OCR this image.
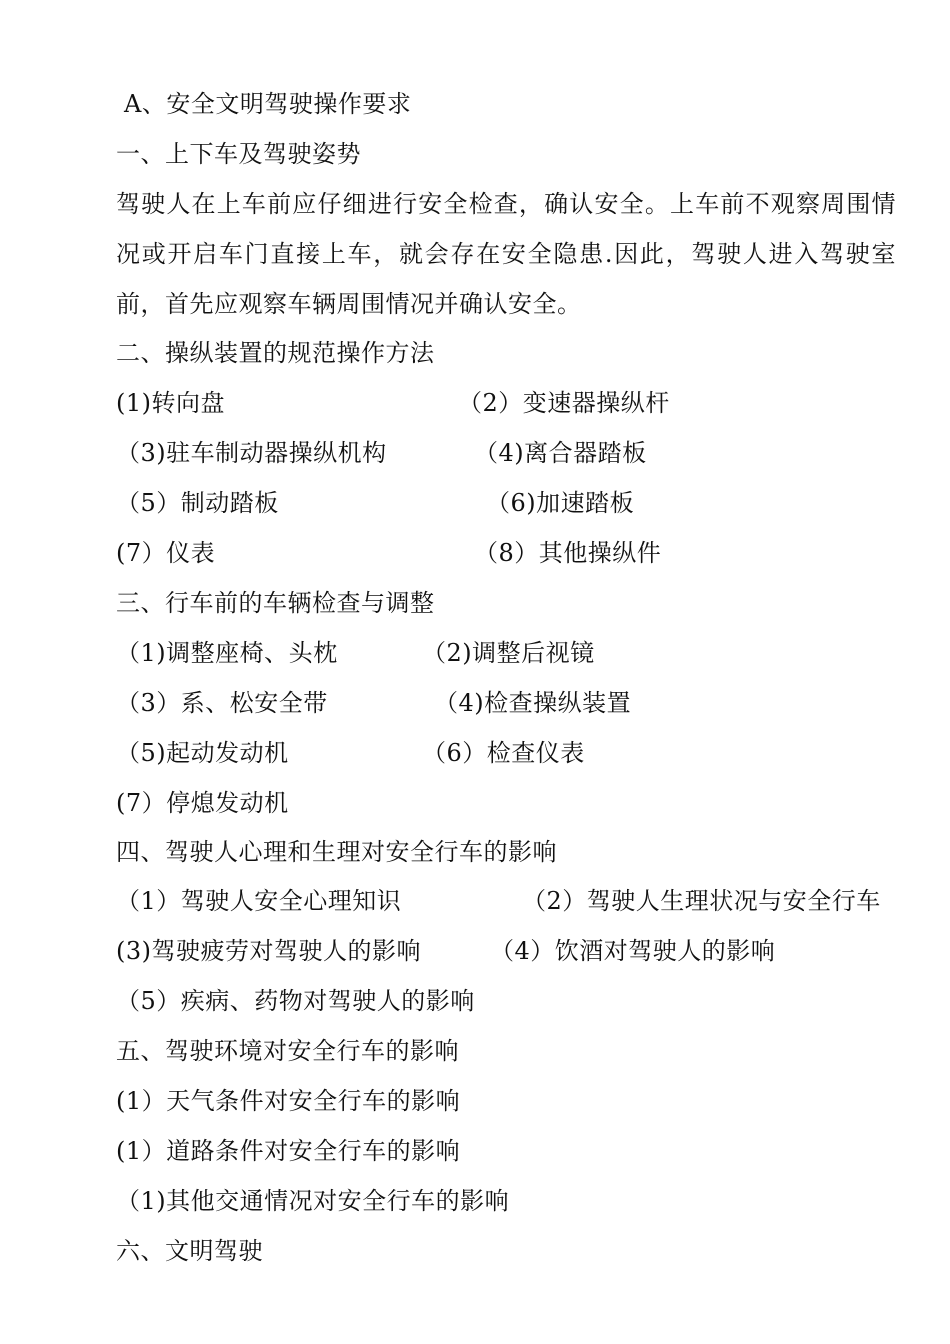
A、安全文明驾驶操作要求
一、上下车及驾驶姿势
驾驶人在上车前应仔细进行安全检查，确认安全。上车前不观察周围情况或开启车门直接上车，就会存在安全隐患.因此，驾驶人进入驾驶室前，首先应观察车辆周围情况并确认安全。
二、操纵装置的规范操作方法
(1)转向盘	（2）变速器操纵杆
（3)驻车制动器操纵机构	（4)离合器踏板
（5）制动踏板	（6)加速踏板
(7）仪表	（8）其他操纵件
三、行车前的车辆检查与调整
（1)调整座椅、头枕	（2)调整后视镜
（3）系、松安全带	（4)检查操纵装置
（5)起动发动机	（6）检查仪表
(7）停熄发动机
四、驾驶人心理和生理对安全行车的影响
（1）驾驶人安全心理知识	（2）驾驶人生理状况与安全行车
(3)驾驶疲劳对驾驶人的影响	（4）饮酒对驾驶人的影响
（5）疾病、药物对驾驶人的影响
五、驾驶环境对安全行车的影响
(1）天气条件对安全行车的影响
(1）道路条件对安全行车的影响
（1)其他交通情况对安全行车的影响
六、文明驾驶
